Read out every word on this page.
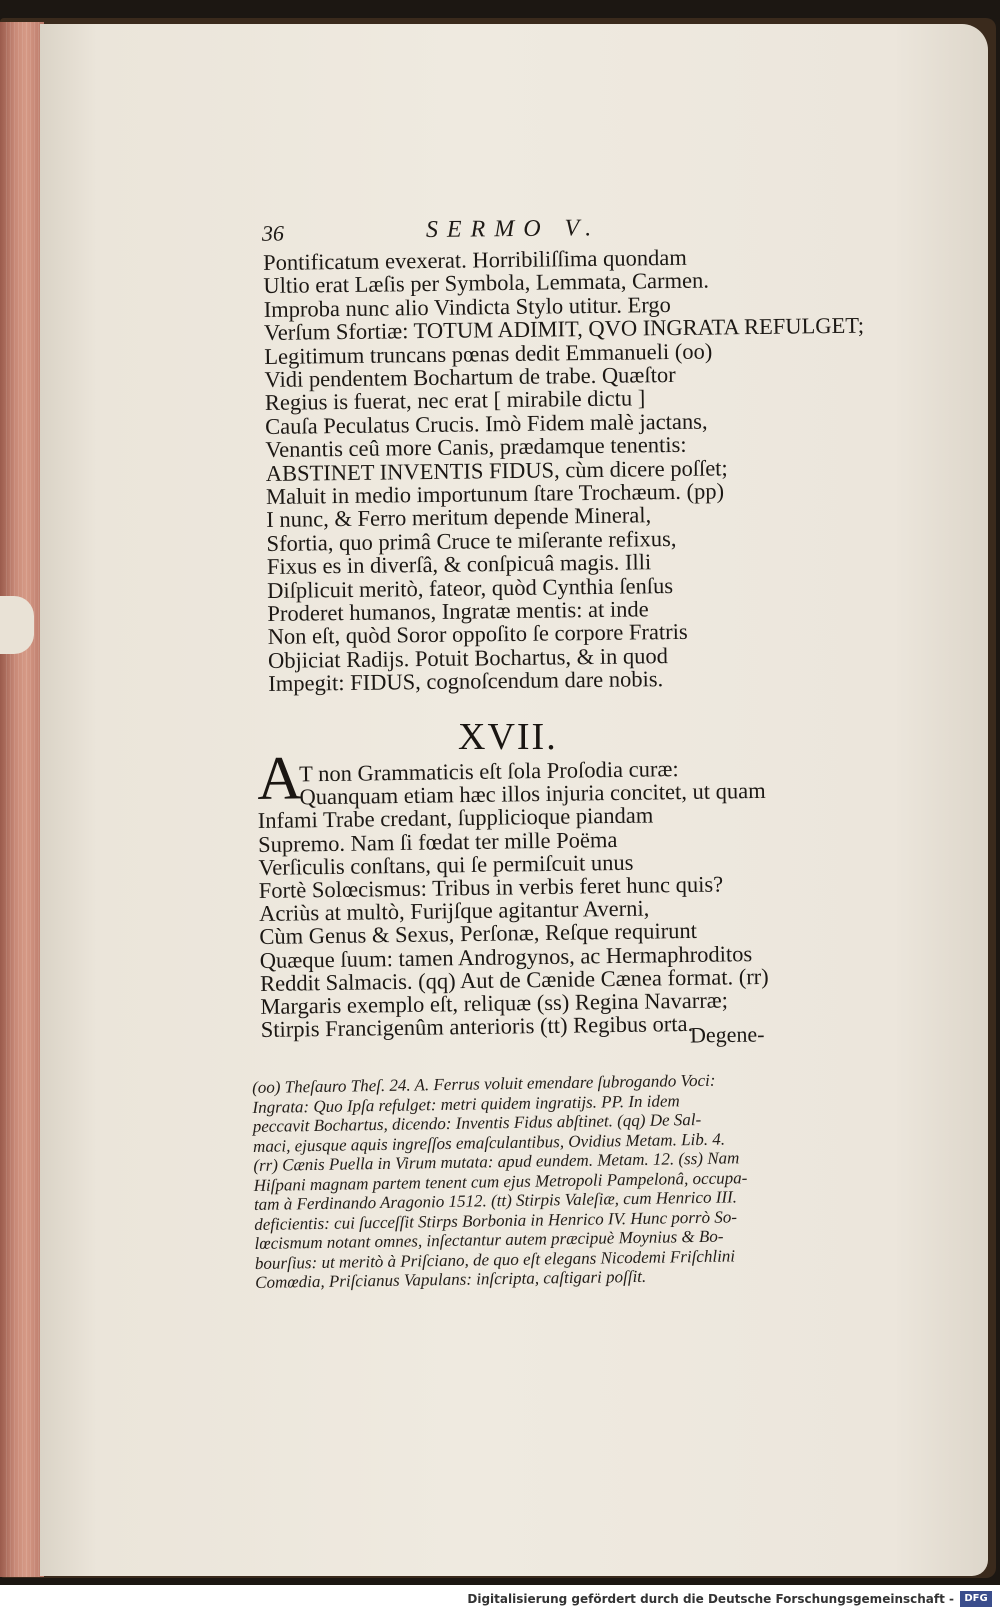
36	SERMO V.
Pontificatum evexerat. Horribiliſſima quondam
Ultio erat Læſis per Symbola, Lemmata, Carmen.
Improba nunc alio Vindicta Stylo utitur. Ergo
Verſum Sfortiæ: TOTUM ADIMIT, QVO INGRATA REFULGET;
Legitimum truncans pœnas dedit Emmanueli (oo)
Vidi pendentem Bochartum de trabe. Quæſtor
Regius is fuerat, nec erat [ mirabile dictu ]
Cauſa Peculatus Crucis. Imò Fidem malè jactans,
Venantis ceû more Canis, prædamque tenentis:
ABSTINET INVENTIS FIDUS, cùm dicere poſſet;
Maluit in medio importunum ſtare Trochæum. (pp)
I nunc, & Ferro meritum depende Mineral,
Sfortia, quo primâ Cruce te miſerante refixus,
Fixus es in diverſâ, & conſpicuâ magis. Illi
Diſplicuit meritò, fateor, quòd Cynthia ſenſus
Proderet humanos, Ingratæ mentis: at inde
Non eſt, quòd Soror oppoſito ſe corpore Fratris
Objiciat Radijs. Potuit Bochartus, & in quod
Impegit: FIDUS, cognoſcendum dare nobis.
XVII.
A
T non Grammaticis eſt ſola Proſodia curæ:
Quanquam etiam hæc illos injuria concitet, ut quam
Infami Trabe credant, ſupplicioque piandam
Supremo. Nam ſi fœdat ter mille Poëma
Verſiculis conſtans, qui ſe permiſcuit unus
Fortè Solœcismus: Tribus in verbis feret hunc quis?
Acriùs at multò, Furijſque agitantur Averni,
Cùm Genus & Sexus, Perſonæ, Reſque requirunt
Quæque ſuum: tamen Androgynos, ac Hermaphroditos
Reddit Salmacis. (qq) Aut de Cænide Cænea format. (rr)
Margaris exemplo eſt, reliquæ (ss) Regina Navarræ;
Stirpis Francigenûm anterioris (tt) Regibus orta.
Degene-
(oo) Theſauro Theſ. 24. A. Ferrus voluit emendare ſubrogando Voci:
Ingrata: Quo Ipſa refulget: metri quidem ingratijs. PP. In idem
peccavit Bochartus, dicendo: Inventis Fidus abſtinet. (qq) De Sal-
maci, ejusque aquis ingreſſos emaſculantibus, Ovidius Metam. Lib. 4.
(rr) Cænis Puella in Virum mutata: apud eundem. Metam. 12. (ss) Nam
Hiſpani magnam partem tenent cum ejus Metropoli Pampelonâ, occupa-
tam à Ferdinando Aragonio 1512. (tt) Stirpis Valeſiæ, cum Henrico III.
deficientis: cui ſucceſſit Stirps Borbonia in Henrico IV. Hunc porrò So-
lœcismum notant omnes, inſectantur autem præcipuè Moynius & Bo-
bourſius: ut meritò à Priſciano, de quo eſt elegans Nicodemi Friſchlini
Comœdia, Priſcianus Vapulans: inſcripta, caſtigari poſſit.
Digitalisierung gefördert durch die Deutsche Forschungsgemeinschaft -	DFG
